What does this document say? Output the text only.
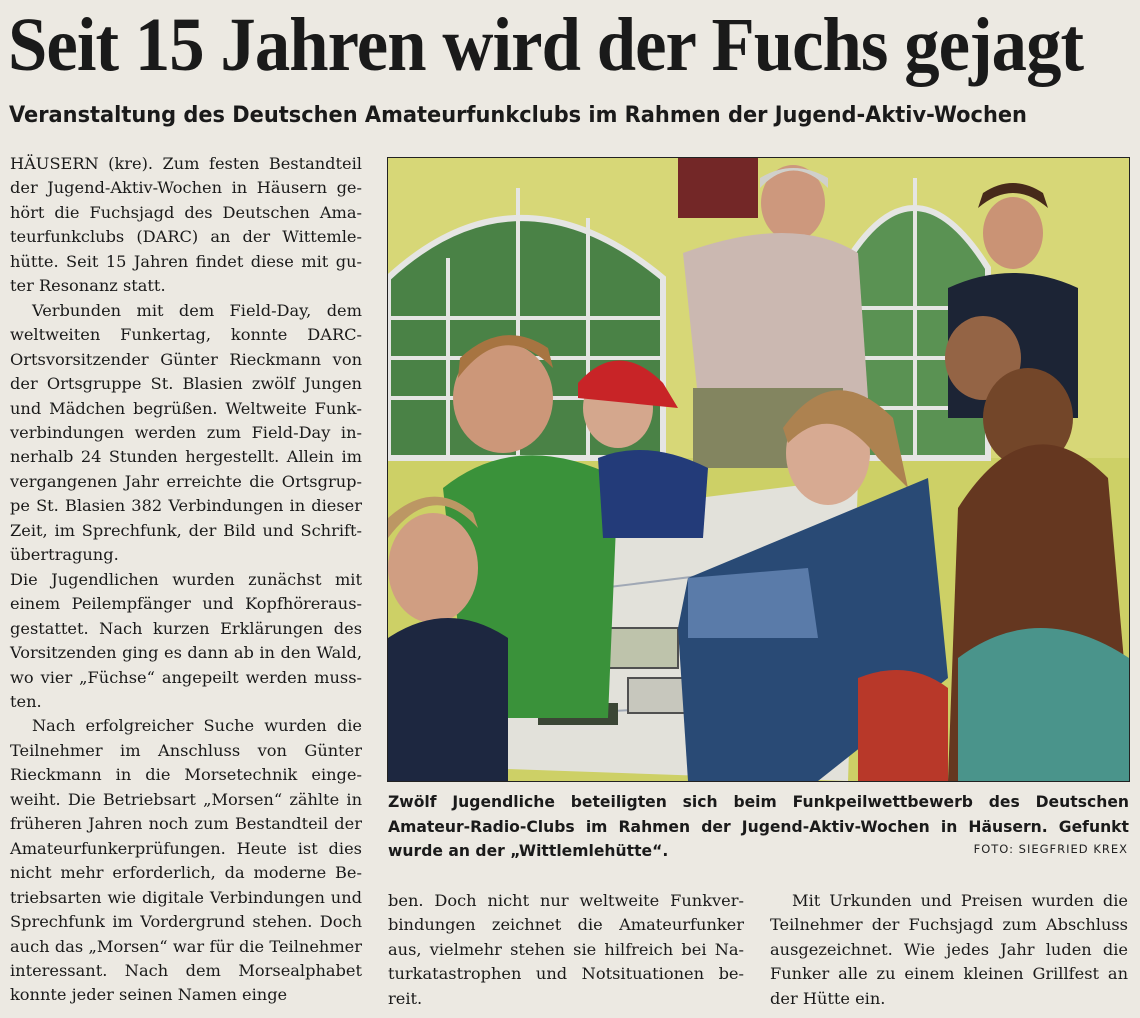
Seit 15 Jahren wird der Fuchs gejagt
Veranstaltung des Deutschen Amateurfunkclubs im Rahmen der Jugend-Aktiv-Wochen

HÄUSERN (kre). Zum festen Bestandteil der Jugend-Aktiv-Wochen in Häusern gehört die Fuchsjagd des Deutschen Amateurfunkclubs (DARC) an der Wittemlehütte. Seit 15 Jahren findet diese mit guter Resonanz statt.

Verbunden mit dem Field-Day, dem weltweiten Funkertag, konnte DARC-Ortsvorsitzender Günter Rieckmann von der Ortsgruppe St. Blasien zwölf Jungen und Mädchen begrüßen. Weltweite Funkverbindungen werden zum Field-Day innerhalb 24 Stunden hergestellt. Allein im vergangenen Jahr erreichte die Ortsgruppe St. Blasien 382 Verbindungen in dieser Zeit, im Sprechfunk, der Bild und Schriftübertragung.

Die Jugendlichen wurden zunächst mit einem Peilempfänger und Kopfhörerausgestattet. Nach kurzen Erklärungen des Vorsitzenden ging es dann ab in den Wald, wo vier „Füchse“ angepeilt werden mussten.

Nach erfolgreicher Suche wurden die Teilnehmer im Anschluss von Günter Rieckmann in die Morsetechnik eingeweiht. Die Betriebsart „Morsen“ zählte in früheren Jahren noch zum Bestandteil der Amateurfunkerprüfungen. Heute ist dies nicht mehr erforderlich, da moderne Betriebsarten wie digitale Verbindungen und Sprechfunk im Vordergrund stehen. Doch auch das „Morsen“ war für die Teilnehmer interessant. Nach dem Morsealphabet konnte jeder seinen Namen einge

Zwölf Jugendliche beteiligten sich beim Funkpeilwettbewerb des Deutschen Amateur-Radio-Clubs im Rahmen der Jugend-Aktiv-Wochen in Häusern. Gefunkt wurde an der „Wittlemlehütte“.	FOTO: SIEGFRIED KREX

ben. Doch nicht nur weltweite Funkverbindungen zeichnet die Amateurfunker aus, vielmehr stehen sie hilfreich bei Naturkatastrophen und Notsituationen bereit.

Mit Urkunden und Preisen wurden die Teilnehmer der Fuchsjagd zum Abschluss ausgezeichnet. Wie jedes Jahr luden die Funker alle zu einem kleinen Grillfest an der Hütte ein.
